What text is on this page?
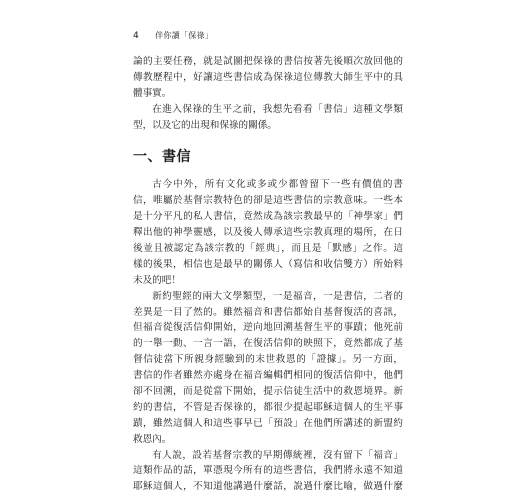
4 伴你讀「保祿」
論的主要任務，就是試圖把保祿的書信按著先後順次放回他的
傳教歷程中，好讓這些書信成為保祿這位傳教大師生平中的具
體事實。
在進入保祿的生平之前，我想先看看「書信」這種文學類
型，以及它的出現和保祿的關係。
一、書信
古今中外，所有文化或多或少都曾留下一些有價值的書
信，唯屬於基督宗教特色的卻是這些書信的宗教意味。一些本
是十分平凡的私人書信，竟然成為該宗教最早的「神學家」們
釋出他的神學靈感，以及後人傳承這些宗教真理的場所，在日
後並且被認定為該宗教的「經典」，而且是「默感」之作。這
樣的後果，相信也是最早的關係人（寫信和收信雙方）所始料
未及的吧！
新約聖經的兩大文學類型，一是福音，一是書信，二者的
差異是一目了然的。雖然福音和書信都始自基督復活的喜訊，
但福音從復活信仰開始，逆向地回溯基督生平的事蹟；他死前
的一舉一動、一言一語，在復活信仰的映照下，竟然都成了基
督信徒當下所親身經驗到的末世救恩的「證據」。另一方面，
書信的作者雖然亦處身在福音編輯們相同的復活信仰中，他們
卻不回溯，而是從當下開始，提示信徒生活中的救恩境界。新
約的書信，不管是否保祿的，都很少提起耶穌這個人的生平事
蹟，雖然這個人和這些事早已「預設」在他們所講述的新盟約
救恩內。
有人說，設若基督宗教的早期傳統裡，沒有留下「福音」
這類作品的話，單憑現今所有的這些書信，我們將永遠不知道
耶穌這個人，不知道他講過什麼話，說過什麼比喻，做過什麼
